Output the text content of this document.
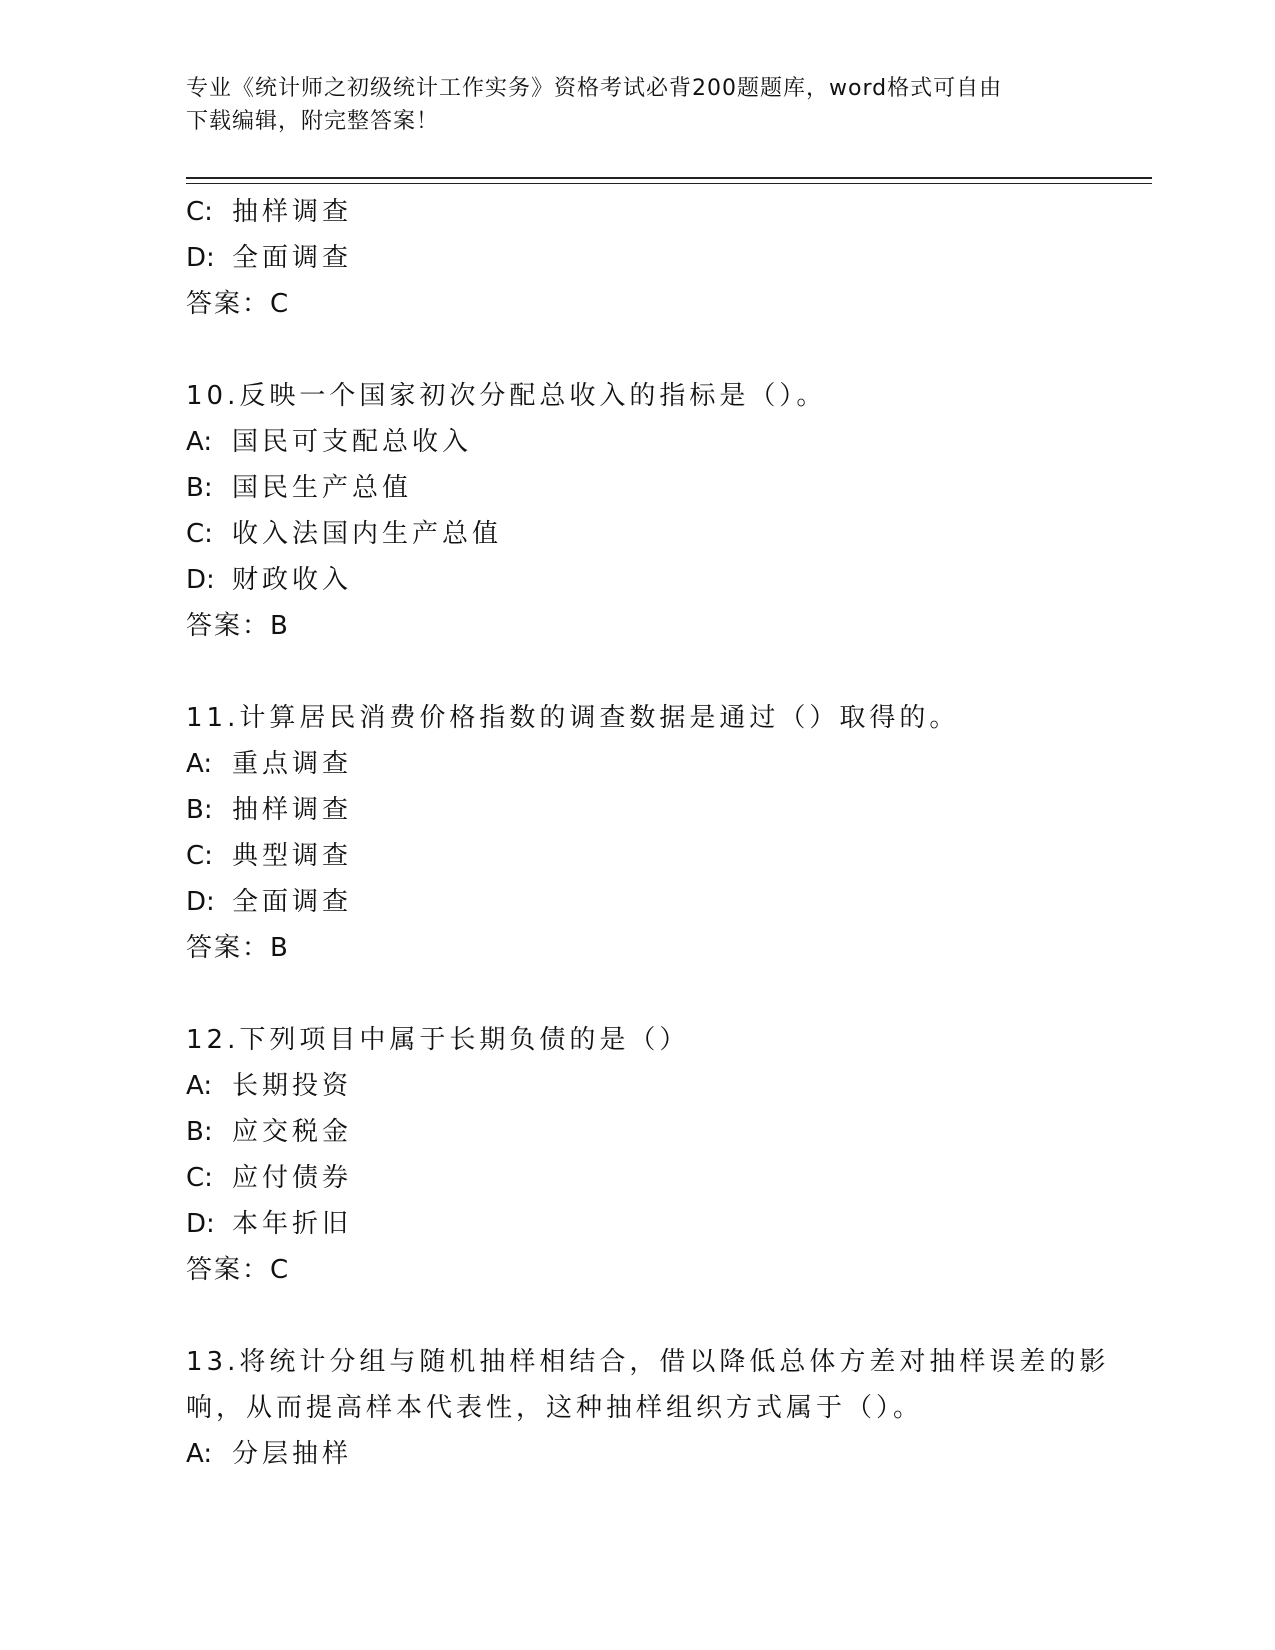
专业《统计师之初级统计工作实务》资格考试必背200题题库，word格式可自由
下载编辑，附完整答案！
C: 抽样调查
D: 全面调查
答案：C
10.反映一个国家初次分配总收入的指标是（）。
A: 国民可支配总收入
B: 国民生产总值
C: 收入法国内生产总值
D: 财政收入
答案：B
11.计算居民消费价格指数的调查数据是通过（）取得的。
A: 重点调查
B: 抽样调查
C: 典型调查
D: 全面调查
答案：B
12.下列项目中属于长期负债的是（）
A: 长期投资
B: 应交税金
C: 应付债券
D: 本年折旧
答案：C
13.将统计分组与随机抽样相结合，借以降低总体方差对抽样误差的影
响，从而提高样本代表性，这种抽样组织方式属于（）。
A: 分层抽样
